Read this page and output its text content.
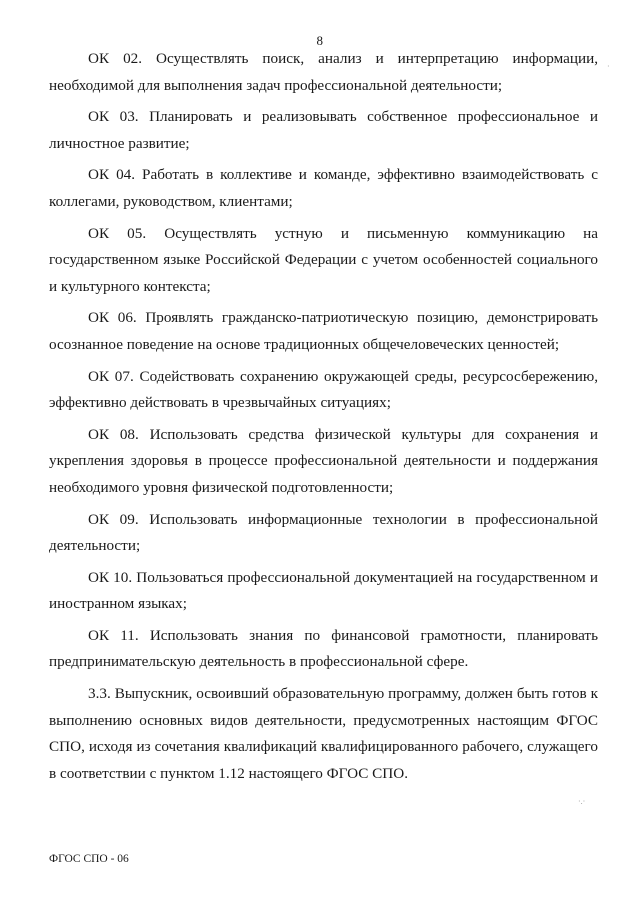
8

ОК 02. Осуществлять поиск, анализ и интерпретацию информации, необходимой для выполнения задач профессиональной деятельности;

ОК 03. Планировать и реализовывать собственное профессиональное и личностное развитие;

ОК 04. Работать в коллективе и команде, эффективно взаимодействовать с коллегами, руководством, клиентами;

ОК 05. Осуществлять устную и письменную коммуникацию на государственном языке Российской Федерации с учетом особенностей социального и культурного контекста;

ОК 06. Проявлять гражданско-патриотическую позицию, демонстрировать осознанное поведение на основе традиционных общечеловеческих ценностей;

ОК 07. Содействовать сохранению окружающей среды, ресурсосбережению, эффективно действовать в чрезвычайных ситуациях;

ОК 08. Использовать средства физической культуры для сохранения и укрепления здоровья в процессе профессиональной деятельности и поддержания необходимого уровня физической подготовленности;

ОК 09. Использовать информационные технологии в профессиональной деятельности;

ОК 10. Пользоваться профессиональной документацией на государственном и иностранном языках;

ОК 11. Использовать знания по финансовой грамотности, планировать предпринимательскую деятельность в профессиональной сфере.

3.3. Выпускник, освоивший образовательную программу, должен быть готов к выполнению основных видов деятельности, предусмотренных настоящим ФГОС СПО, исходя из сочетания квалификаций квалифицированного рабочего, служащего в соответствии с пунктом 1.12 настоящего ФГОС СПО.

ФГОС СПО - 06
·
·.·
